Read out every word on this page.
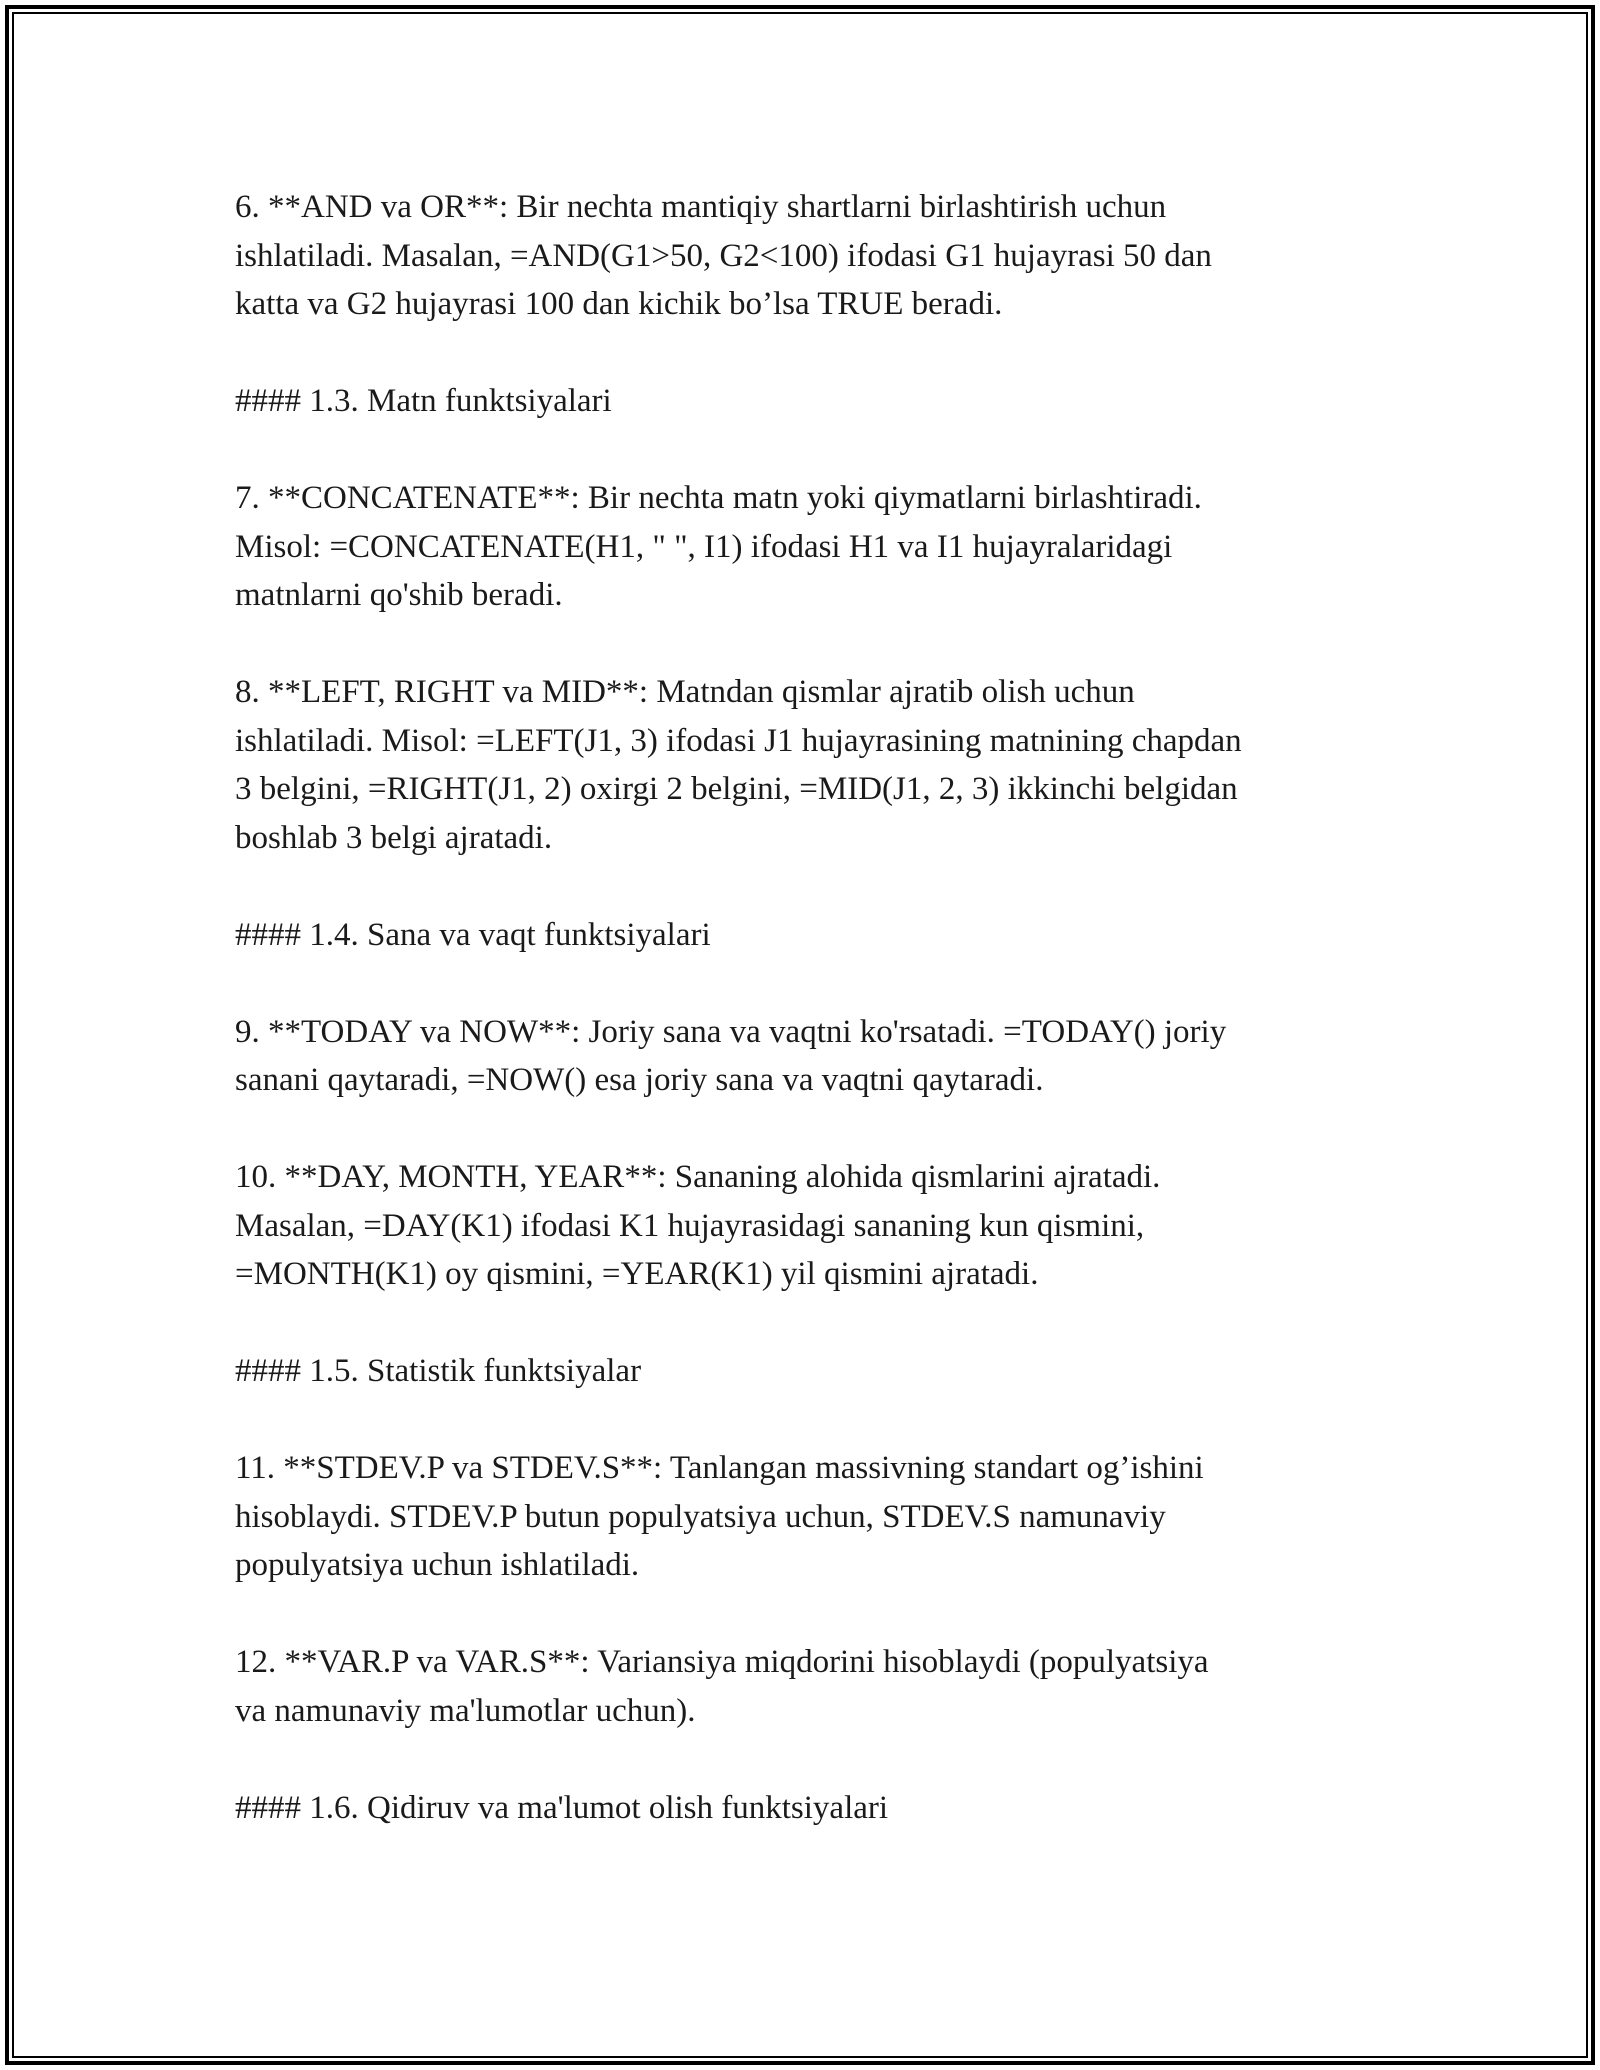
6. **AND va OR**: Bir nechta mantiqiy shartlarni birlashtirish uchun
ishlatiladi. Masalan, =AND(G1>50, G2<100) ifodasi G1 hujayrasi 50 dan
katta va G2 hujayrasi 100 dan kichik bo’lsa TRUE beradi.

#### 1.3. Matn funktsiyalari

7. **CONCATENATE**: Bir nechta matn yoki qiymatlarni birlashtiradi.
Misol: =CONCATENATE(H1, " ", I1) ifodasi H1 va I1 hujayralaridagi
matnlarni qo'shib beradi.

8. **LEFT, RIGHT va MID**: Matndan qismlar ajratib olish uchun
ishlatiladi. Misol: =LEFT(J1, 3) ifodasi J1 hujayrasining matnining chapdan
3 belgini, =RIGHT(J1, 2) oxirgi 2 belgini, =MID(J1, 2, 3) ikkinchi belgidan
boshlab 3 belgi ajratadi.

#### 1.4. Sana va vaqt funktsiyalari

9. **TODAY va NOW**: Joriy sana va vaqtni ko'rsatadi. =TODAY() joriy
sanani qaytaradi, =NOW() esa joriy sana va vaqtni qaytaradi.

10. **DAY, MONTH, YEAR**: Sananing alohida qismlarini ajratadi.
Masalan, =DAY(K1) ifodasi K1 hujayrasidagi sananing kun qismini,
=MONTH(K1) oy qismini, =YEAR(K1) yil qismini ajratadi.

#### 1.5. Statistik funktsiyalar

11. **STDEV.P va STDEV.S**: Tanlangan massivning standart og’ishini
hisoblaydi. STDEV.P butun populyatsiya uchun, STDEV.S namunaviy
populyatsiya uchun ishlatiladi.

12. **VAR.P va VAR.S**: Variansiya miqdorini hisoblaydi (populyatsiya
va namunaviy ma'lumotlar uchun).

#### 1.6. Qidiruv va ma'lumot olish funktsiyalari
